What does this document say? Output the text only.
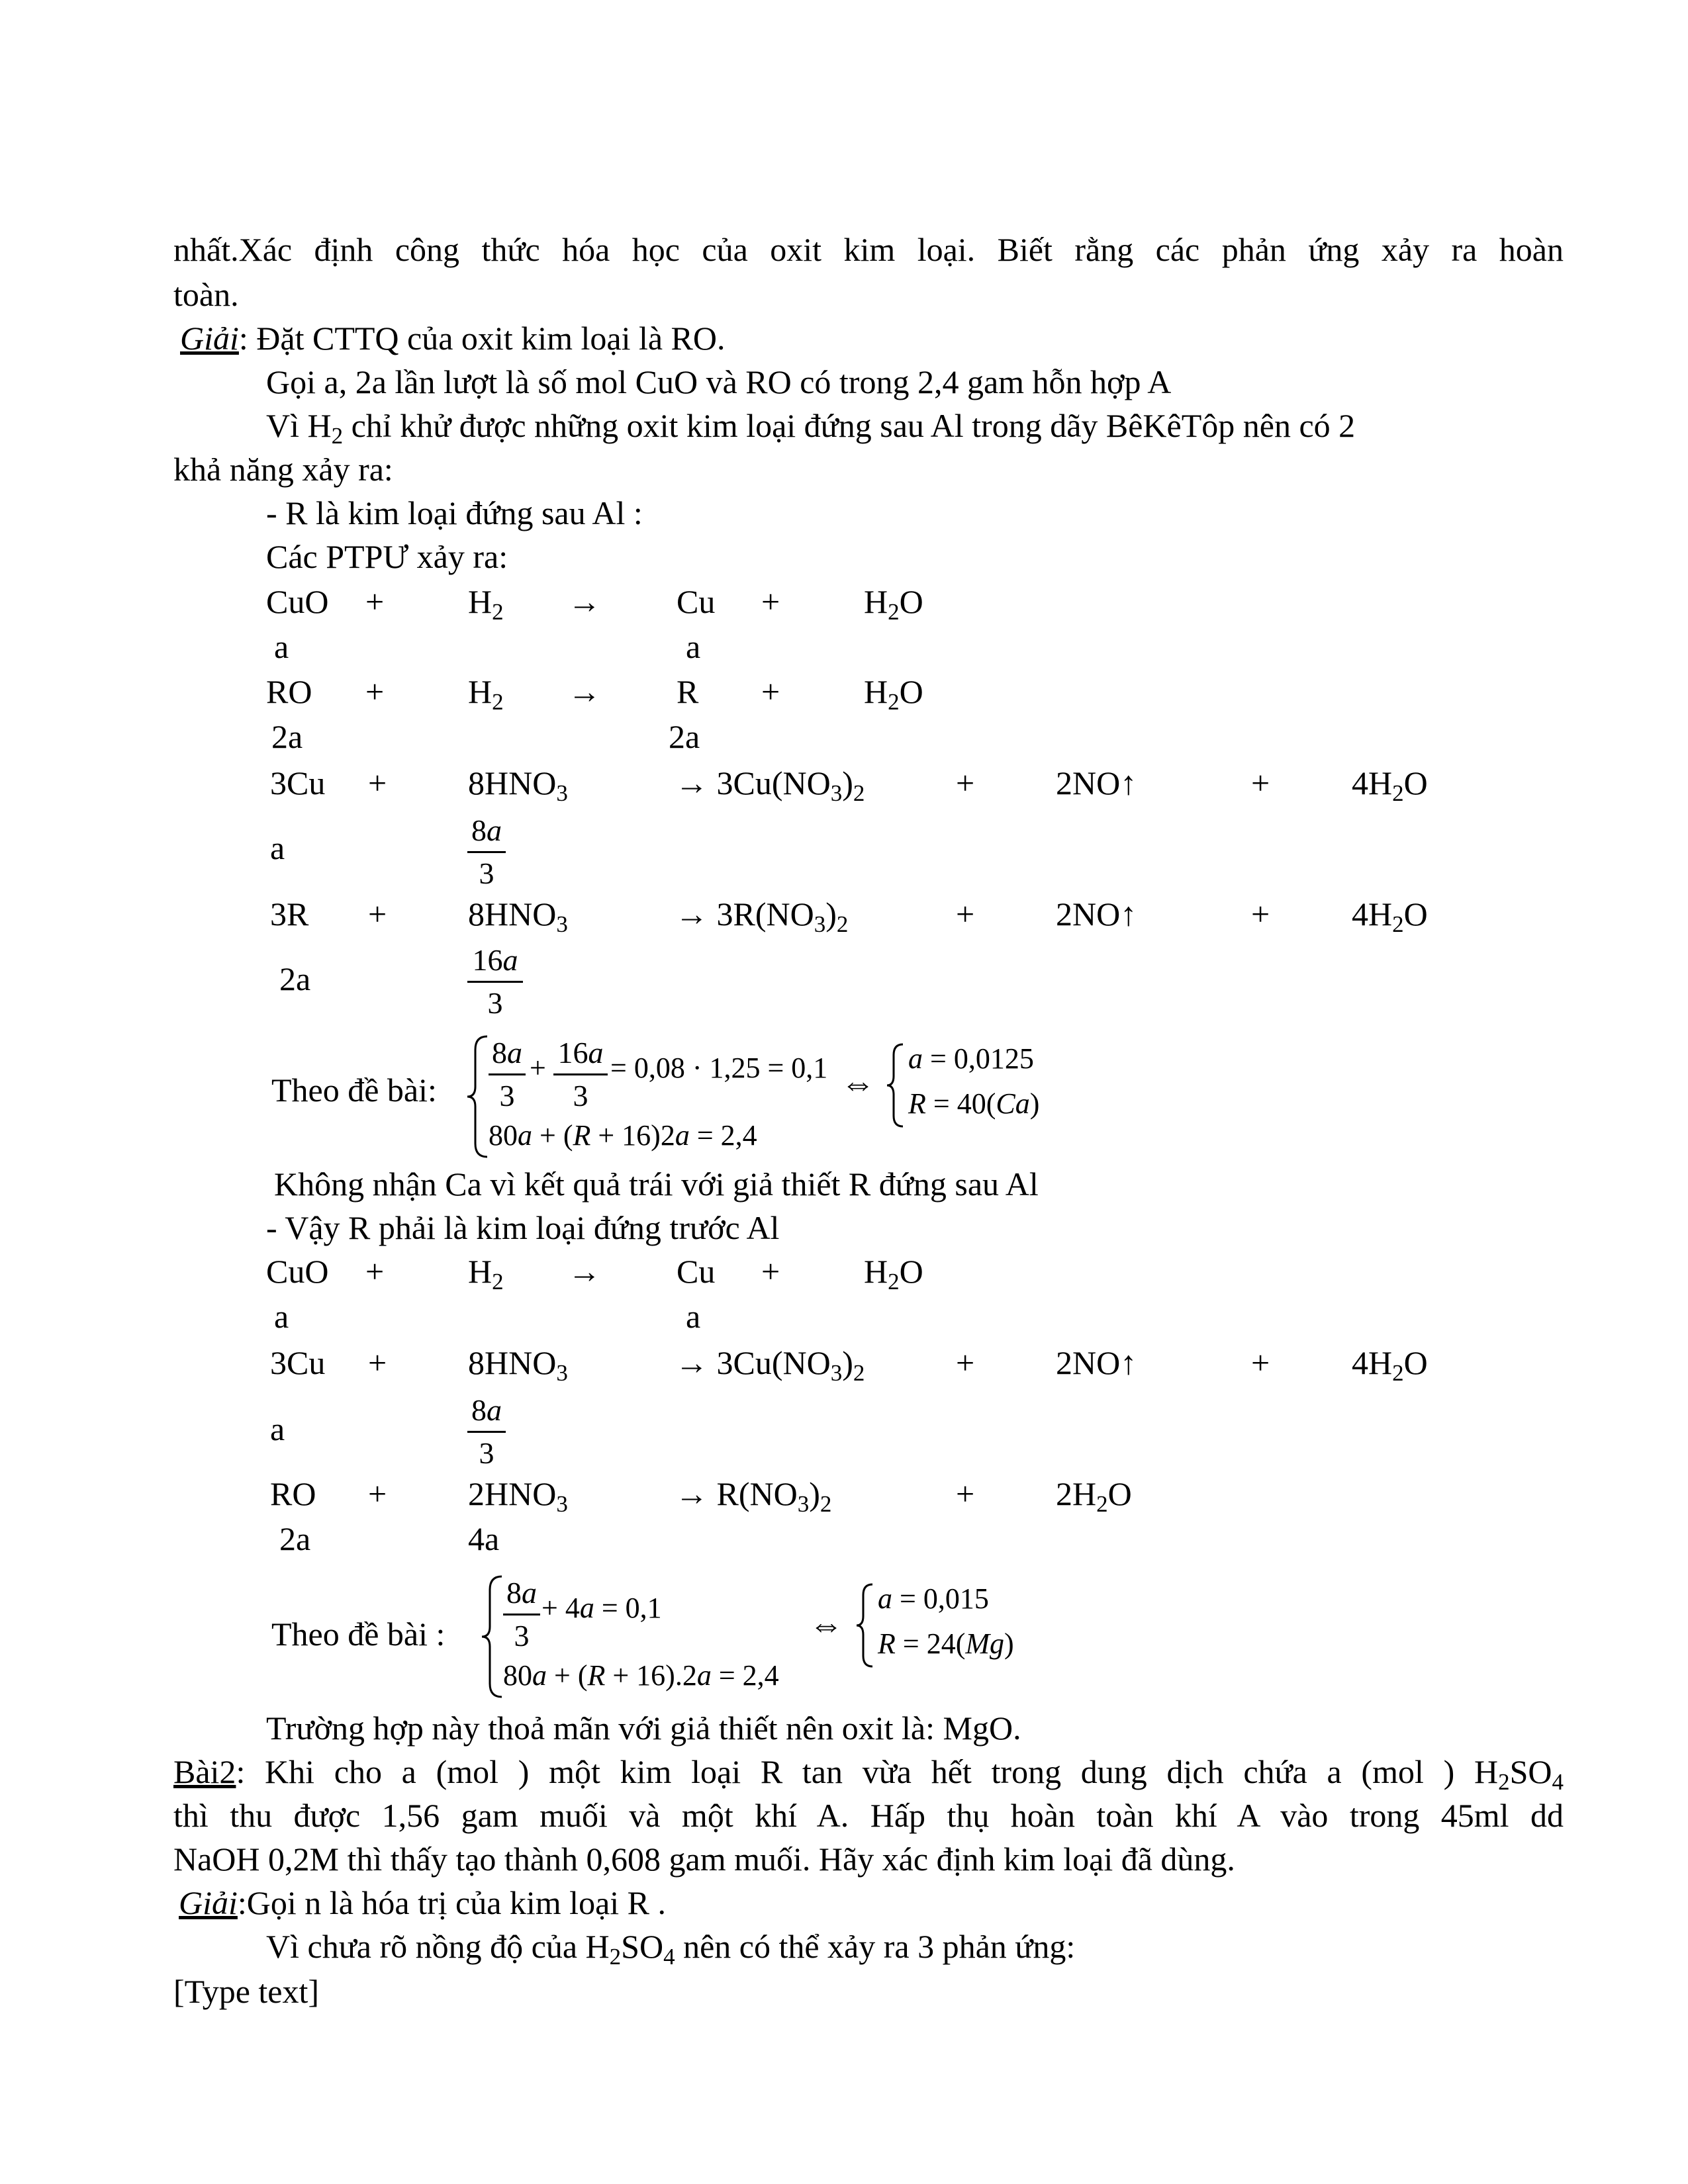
nhất.Xác định công thức hóa học của oxit kim loại. Biết rằng các phản ứng xảy ra hoàn
toàn.
Giải: Đặt CTTQ của oxit kim loại là RO.
Gọi a, 2a lần lượt là số mol CuO và RO có trong 2,4 gam hỗn hợp A
Vì $H_2$ chỉ khử được những oxit kim loại đứng sau Al trong dãy BêKêTôp nên có 2
khả năng xảy ra:
- R là kim loại đứng sau Al :
Các PTPƯ xảy ra:
CuO +	$H_2 \to Cu$ +	$H_2O$
a	a
RO +	$H_2 \to R$ +	$H_2O$
2a	2a
$3Cu + 8HNO_3$	→ $3Cu(NO_3)_2$	+ 2NO↑	+ $4H_2O$
a	$\frac{8a}{3}$
$3R + 8HNO_3$	→ $3R(NO_3)_2$	+ 2NO↑	+ $4H_2O$
2a	$\frac{16a}{3}$
Theo đề bài: $\frac{8a}{3} + \frac{16a}{3} = 0,08 \cdot 1,25 = 0,1$
80a + (R + 16)2a = 2,4
⇔
a = 0,0125
R = 40(Ca)
Không nhận Ca vì kết quả trái với giả thiết R đứng sau Al
- Vậy R phải là kim loại đứng trước Al
CuO +	$H_2 \to Cu$ +	$H_2O$
a	a
$3Cu + 8HNO_3$	→ $3Cu(NO_3)_2$	+ 2NO↑	+ $4H_2O$
a	$\frac{8a}{3}$
RO + $2HNO_3$	→ $R(NO_3)_2$	+ $2H_2O$
2a	4a
Theo đề bài : $\frac{8a}{3} + 4a = 0,1$
80a + (R + 16).2a = 2,4
⇔
a = 0,015
R = 24(Mg)
Trường hợp này thoả mãn với giả thiết nên oxit là: MgO.
Bài2: Khi cho a (mol ) một kim loại R tan vừa hết trong dung dịch chứa a (mol ) $H_2SO_4$
thì thu được 1,56 gam muối và một khí A. Hấp thụ hoàn toàn khí A vào trong 45ml dd
NaOH 0,2M thì thấy tạo thành 0,608 gam muối. Hãy xác định kim loại đã dùng.
Giải:Gọi n là hóa trị của kim loại R .
Vì chưa rõ nồng độ của $H_2SO_4$ nên có thể xảy ra 3 phản ứng:
[Type text]
